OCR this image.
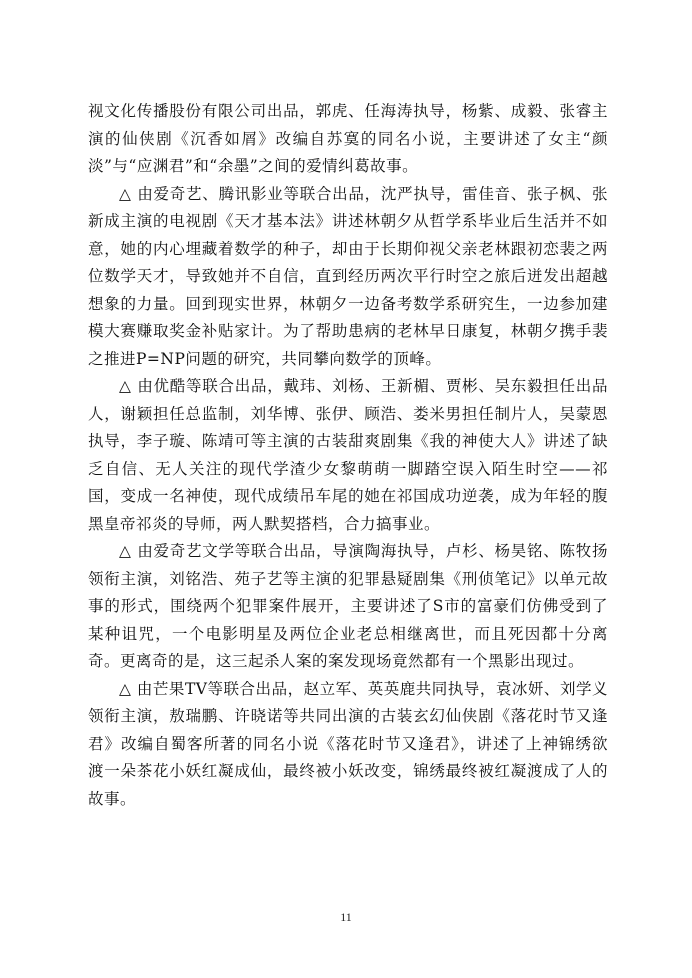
视文化传播股份有限公司出品，郭虎、任海涛执导，杨紫、成毅、张睿主演的仙侠剧《沉香如屑》改编自苏寞的同名小说，主要讲述了女主“颜淡”与“应渊君”和“余墨”之间的爱情纠葛故事。

△ 由爱奇艺、腾讯影业等联合出品，沈严执导，雷佳音、张子枫、张新成主演的电视剧《天才基本法》讲述林朝夕从哲学系毕业后生活并不如意，她的内心埋藏着数学的种子，却由于长期仰视父亲老林跟初恋裴之两位数学天才，导致她并不自信，直到经历两次平行时空之旅后迸发出超越想象的力量。回到现实世界，林朝夕一边备考数学系研究生，一边参加建模大赛赚取奖金补贴家计。为了帮助患病的老林早日康复，林朝夕携手裴之推进P=NP问题的研究，共同攀向数学的顶峰。

△ 由优酷等联合出品，戴玮、刘杨、王新楣、贾彬、吴东毅担任出品人，谢颖担任总监制，刘华博、张伊、顾浩、娄米男担任制片人，吴蒙恩执导，李子璇、陈靖可等主演的古装甜爽剧集《我的神使大人》讲述了缺乏自信、无人关注的现代学渣少女黎萌萌一脚踏空误入陌生时空——祁国，变成一名神使，现代成绩吊车尾的她在祁国成功逆袭，成为年轻的腹黑皇帝祁炎的导师，两人默契搭档，合力搞事业。

△ 由爱奇艺文学等联合出品，导演陶海执导，卢杉、杨昊铭、陈牧扬领衔主演，刘铭浩、苑子艺等主演的犯罪悬疑剧集《刑侦笔记》以单元故事的形式，围绕两个犯罪案件展开，主要讲述了S市的富豪们仿佛受到了某种诅咒，一个电影明星及两位企业老总相继离世，而且死因都十分离奇。更离奇的是，这三起杀人案的案发现场竟然都有一个黑影出现过。

△ 由芒果TV等联合出品，赵立军、英英鹿共同执导，袁冰妍、刘学义领衔主演，敖瑞鹏、许晓诺等共同出演的古装玄幻仙侠剧《落花时节又逢君》改编自蜀客所著的同名小说《落花时节又逢君》，讲述了上神锦绣欲渡一朵茶花小妖红凝成仙，最终被小妖改变，锦绣最终被红凝渡成了人的故事。

11
